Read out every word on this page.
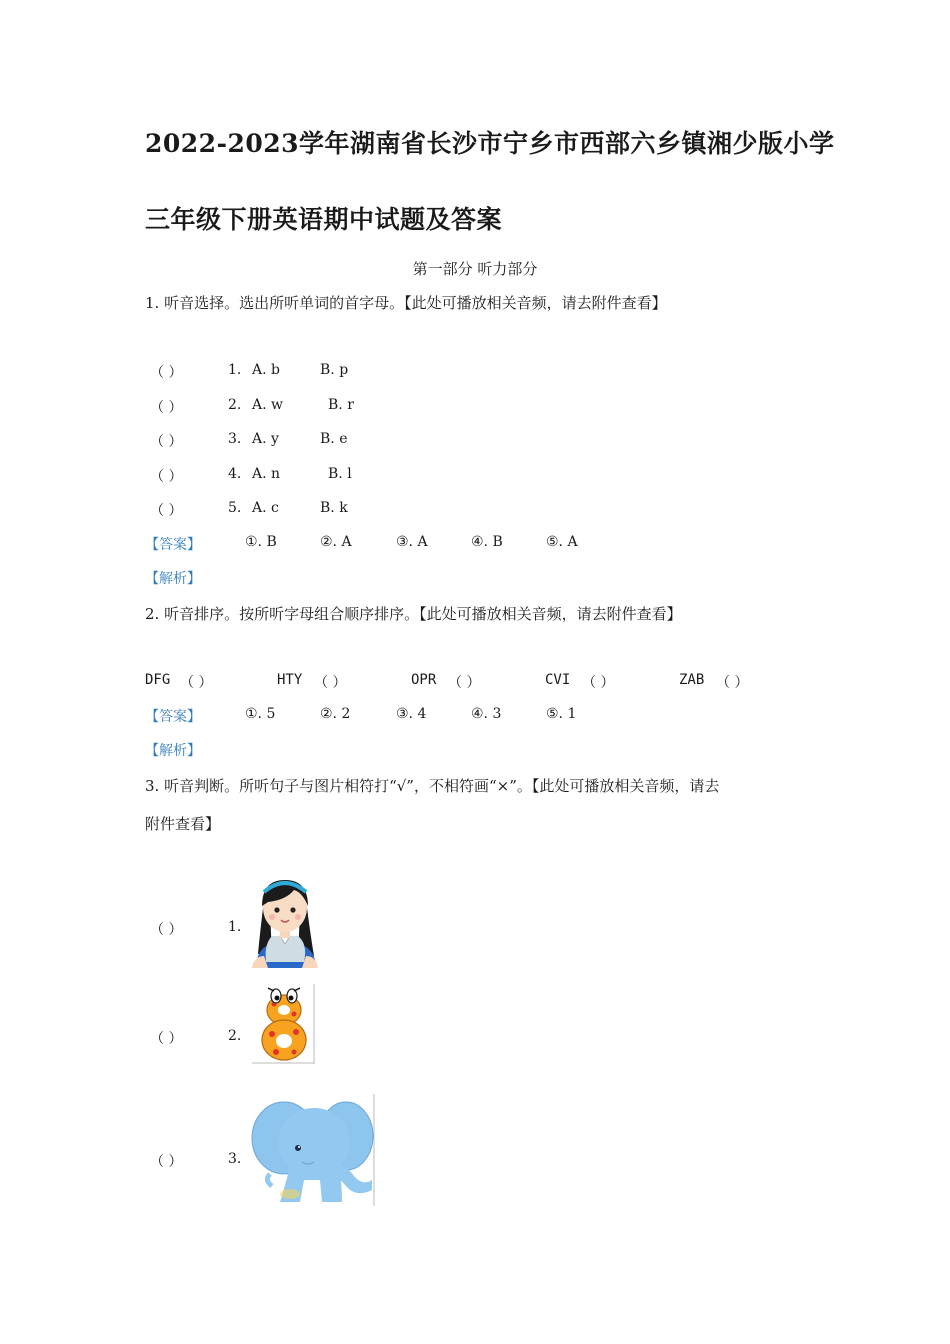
2022-2023学年湖南省长沙市宁乡市西部六乡镇湘少版小学
三年级下册英语期中试题及答案
第一部分 听力部分
1. 听音选择。选出所听单词的首字母。【此处可播放相关音频，请去附件查看】
（ ）	1. A. b	B. p
（ ）	2. A. w	B. r
（ ）	3. A. y	B. e
（ ）	4. A. n	B. l
（ ）	5. A. c	B. k
【答案】	①. B	②. A	③. A	④. B	⑤. A
【解析】
2. 听音排序。按所听字母组合顺序排序。【此处可播放相关音频，请去附件查看】
DFG （ ）	HTY （ ）	OPR （ ）	CVI （ ）	ZAB （ ）
【答案】	①. 5	②. 2	③. 4	④. 3	⑤. 1
【解析】
3. 听音判断。所听句子与图片相符打“√”，不相符画“×”。【此处可播放相关音频，请去
附件查看】
（ ）	1.
（ ）	2.
（ ）	3.
